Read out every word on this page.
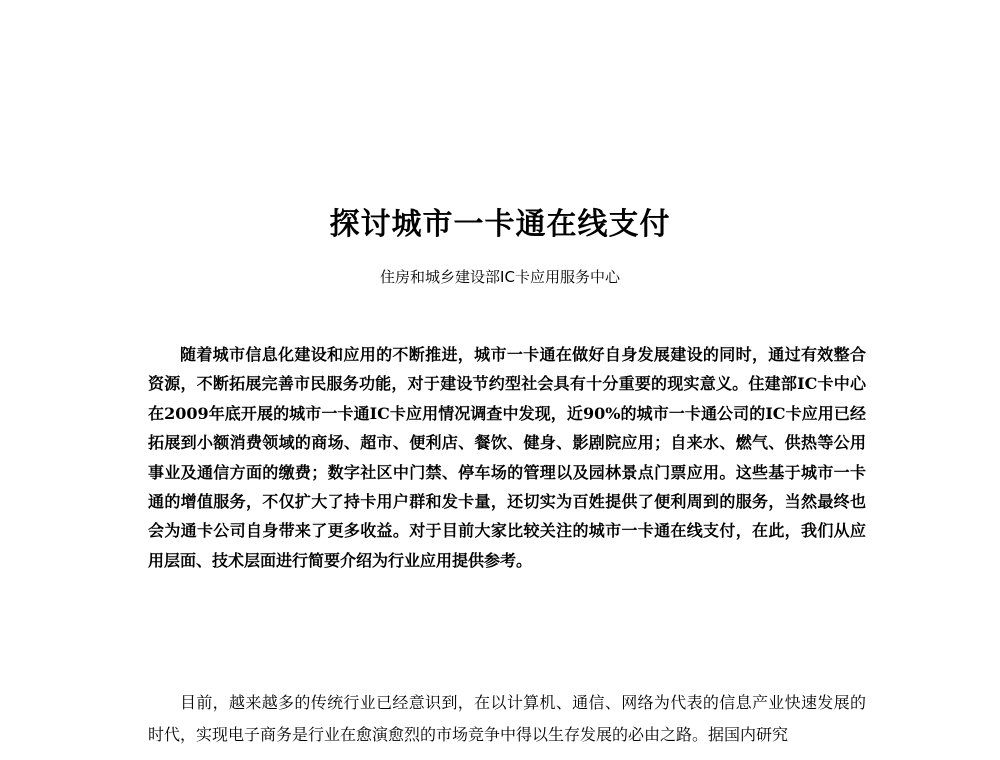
探讨城市一卡通在线支付
住房和城乡建设部IC卡应用服务中心

随着城市信息化建设和应用的不断推进，城市一卡通在做好自身发展建设的同时，通过有效整合资源，不断拓展完善市民服务功能，对于建设节约型社会具有十分重要的现实意义。住建部IC卡中心在2009年底开展的城市一卡通IC卡应用情况调查中发现，近90%的城市一卡通公司的IC卡应用已经拓展到小额消费领域的商场、超市、便利店、餐饮、健身、影剧院应用；自来水、燃气、供热等公用事业及通信方面的缴费；数字社区中门禁、停车场的管理以及园林景点门票应用。这些基于城市一卡通的增值服务，不仅扩大了持卡用户群和发卡量，还切实为百姓提供了便利周到的服务，当然最终也会为通卡公司自身带来了更多收益。对于目前大家比较关注的城市一卡通在线支付，在此，我们从应用层面、技术层面进行简要介绍为行业应用提供参考。

目前，越来越多的传统行业已经意识到，在以计算机、通信、网络为代表的信息产业快速发展的时代，实现电子商务是行业在愈演愈烈的市场竞争中得以生存发展的必由之路。据国内研究
